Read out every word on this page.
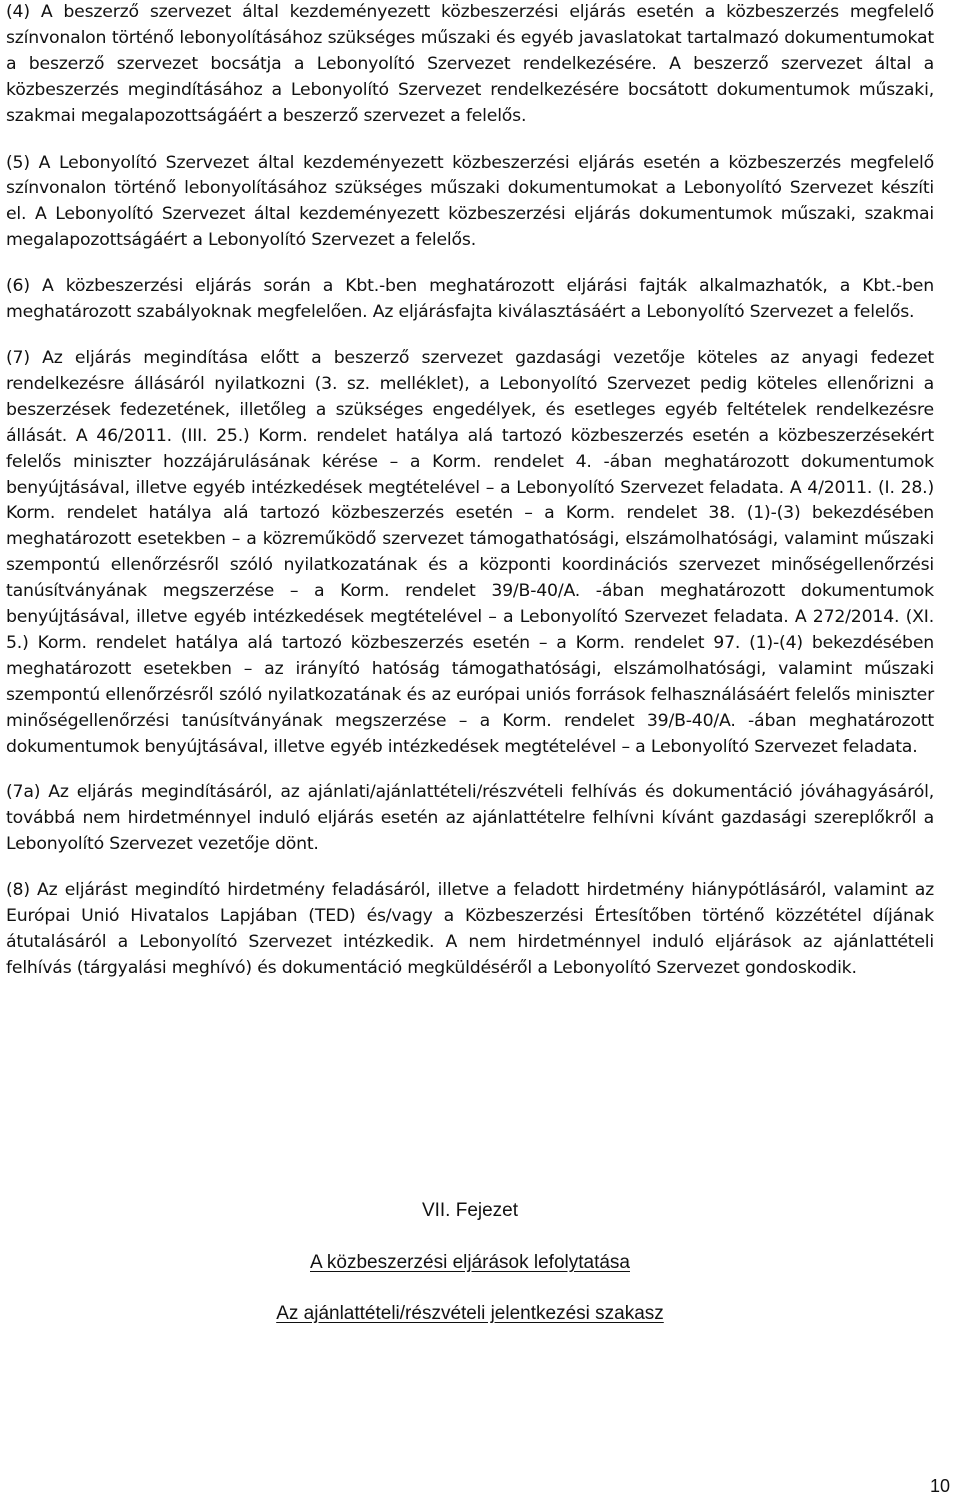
(4) A beszerző szervezet által kezdeményezett közbeszerzési eljárás esetén a közbeszerzés megfelelő színvonalon történő lebonyolításához szükséges műszaki és egyéb javaslatokat tartalmazó dokumentumokat a beszerző szervezet bocsátja a Lebonyolító Szervezet rendelkezésére. A beszerző szervezet által a közbeszerzés megindításához a Lebonyolító Szervezet rendelkezésére bocsátott dokumentumok műszaki, szakmai megalapozottságáért a beszerző szervezet a felelős.

(5) A Lebonyolító Szervezet által kezdeményezett közbeszerzési eljárás esetén a közbeszerzés megfelelő színvonalon történő lebonyolításához szükséges műszaki dokumentumokat a Lebonyolító Szervezet készíti el. A Lebonyolító Szervezet által kezdeményezett közbeszerzési eljárás dokumentumok műszaki, szakmai megalapozottságáért a Lebonyolító Szervezet a felelős.

(6) A közbeszerzési eljárás során a Kbt.-ben meghatározott eljárási fajták alkalmazhatók, a Kbt.-ben meghatározott szabályoknak megfelelően. Az eljárásfajta kiválasztásáért a Lebonyolító Szervezet a felelős.

(7) Az eljárás megindítása előtt a beszerző szervezet gazdasági vezetője köteles az anyagi fedezet rendelkezésre állásáról nyilatkozni (3. sz. melléklet), a Lebonyolító Szervezet pedig köteles ellenőrizni a beszerzések fedezetének, illetőleg a szükséges engedélyek, és esetleges egyéb feltételek rendelkezésre állását. A 46/2011. (III. 25.) Korm. rendelet hatálya alá tartozó közbeszerzés esetén a közbeszerzésekért felelős miniszter hozzájárulásának kérése – a Korm. rendelet 4. -ában meghatározott dokumentumok benyújtásával, illetve egyéb intézkedések megtételével – a Lebonyolító Szervezet feladata. A 4/2011. (I. 28.) Korm. rendelet hatálya alá tartozó közbeszerzés esetén – a Korm. rendelet 38. (1)-(3) bekezdésében meghatározott esetekben – a közreműködő szervezet támogathatósági, elszámolhatósági, valamint műszaki szempontú ellenőrzésről szóló nyilatkozatának és a központi koordinációs szervezet minőségellenőrzési tanúsítványának megszerzése – a Korm. rendelet 39/B-40/A. -ában meghatározott dokumentumok benyújtásával, illetve egyéb intézkedések megtételével – a Lebonyolító Szervezet feladata. A 272/2014. (XI. 5.) Korm. rendelet hatálya alá tartozó közbeszerzés esetén – a Korm. rendelet 97. (1)-(4) bekezdésében meghatározott esetekben – az irányító hatóság támogathatósági, elszámolhatósági, valamint műszaki szempontú ellenőrzésről szóló nyilatkozatának és az európai uniós források felhasználásáért felelős miniszter minőségellenőrzési tanúsítványának megszerzése – a Korm. rendelet 39/B-40/A. -ában meghatározott dokumentumok benyújtásával, illetve egyéb intézkedések megtételével – a Lebonyolító Szervezet feladata.

(7a) Az eljárás megindításáról, az ajánlati/ajánlattételi/részvételi felhívás és dokumentáció jóváhagyásáról, továbbá nem hirdetménnyel induló eljárás esetén az ajánlattételre felhívni kívánt gazdasági szereplőkről a Lebonyolító Szervezet vezetője dönt.

(8) Az eljárást megindító hirdetmény feladásáról, illetve a feladott hirdetmény hiánypótlásáról, valamint az Európai Unió Hivatalos Lapjában (TED) és/vagy a Közbeszerzési Értesítőben történő közzététel díjának átutalásáról a Lebonyolító Szervezet intézkedik. A nem hirdetménnyel induló eljárások az ajánlattételi felhívás (tárgyalási meghívó) és dokumentáció megküldéséről a Lebonyolító Szervezet gondoskodik.

VII. Fejezet
A közbeszerzési eljárások lefolytatása
Az ajánlattételi/részvételi jelentkezési szakasz
10
